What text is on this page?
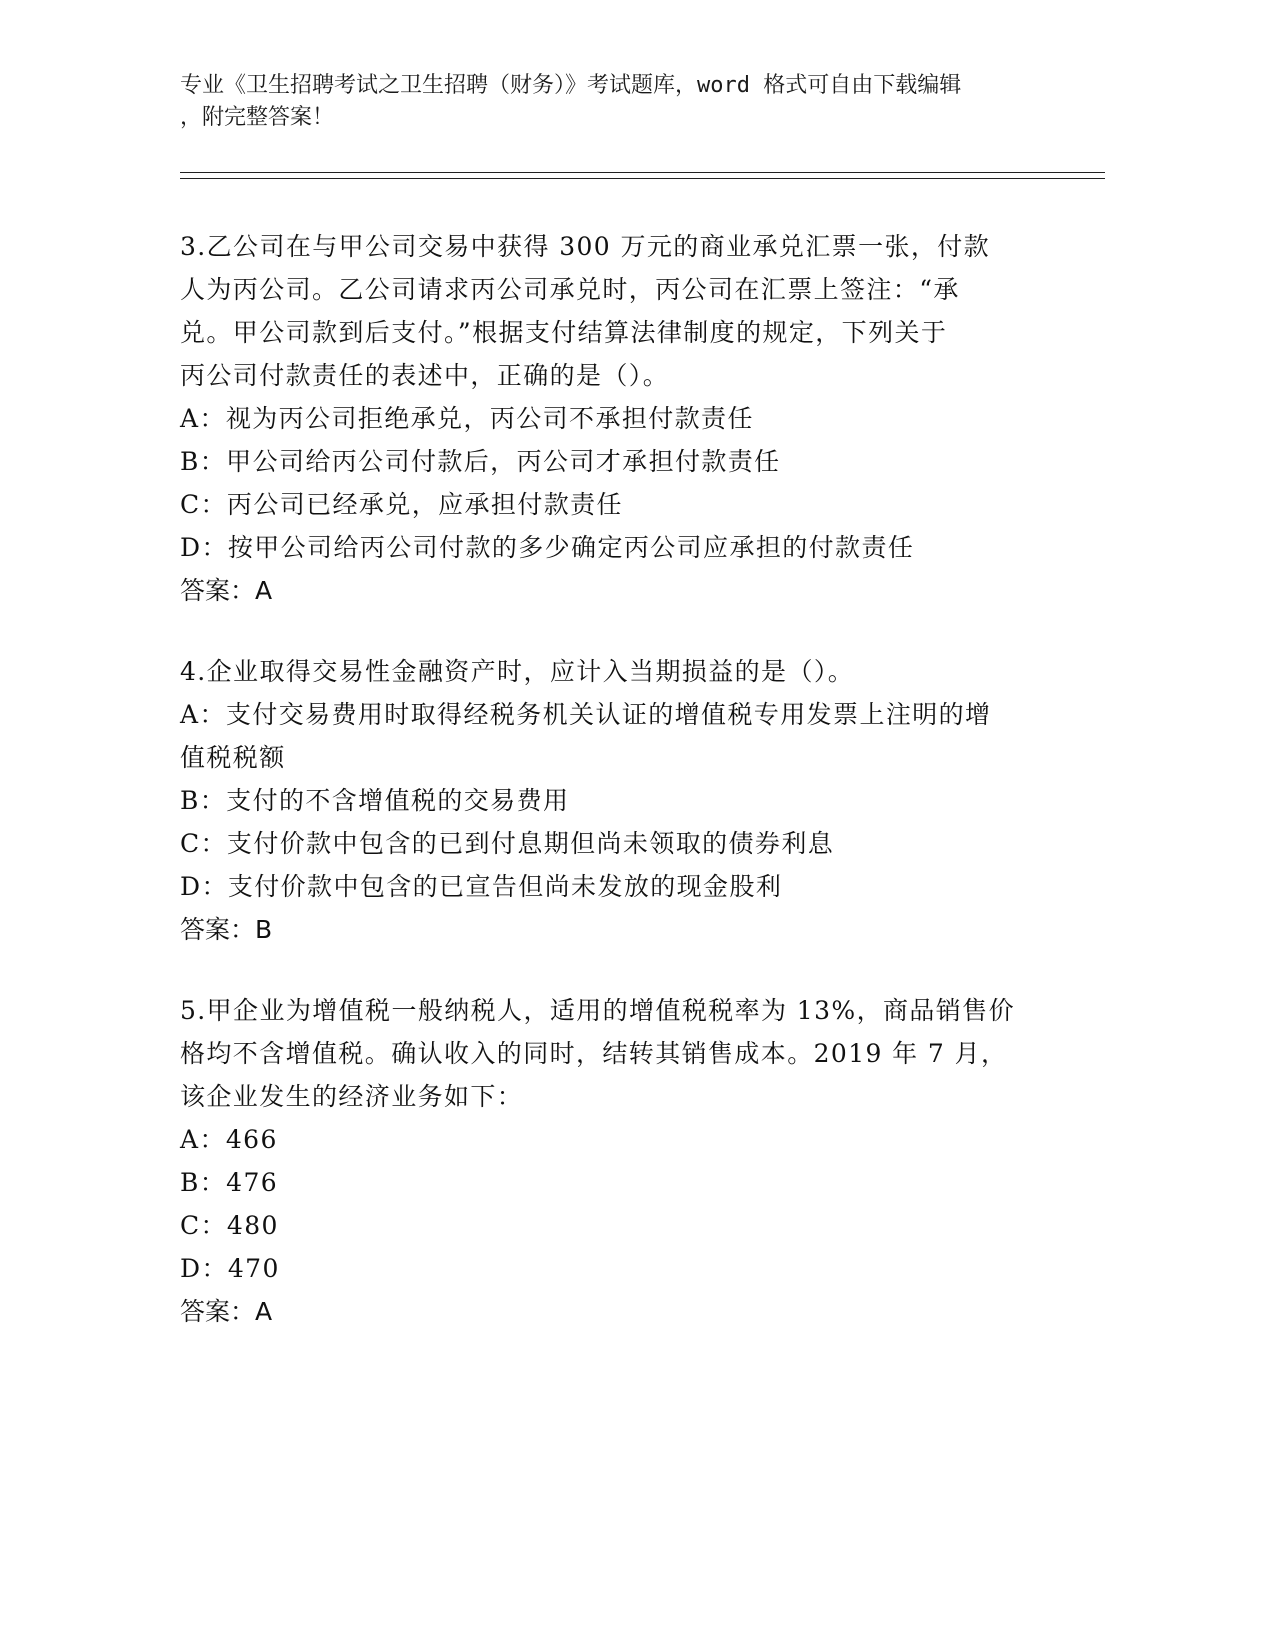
专业《卫生招聘考试之卫生招聘（财务）》考试题库，word 格式可自由下载编辑
，附完整答案！
3.乙公司在与甲公司交易中获得 300 万元的商业承兑汇票一张，付款
人为丙公司。乙公司请求丙公司承兑时，丙公司在汇票上签注：“承
兑。甲公司款到后支付。”根据支付结算法律制度的规定，下列关于
丙公司付款责任的表述中，正确的是（）。
A：视为丙公司拒绝承兑，丙公司不承担付款责任
B：甲公司给丙公司付款后，丙公司才承担付款责任
C：丙公司已经承兑，应承担付款责任
D：按甲公司给丙公司付款的多少确定丙公司应承担的付款责任
答案：A
4.企业取得交易性金融资产时，应计入当期损益的是（）。
A：支付交易费用时取得经税务机关认证的增值税专用发票上注明的增
值税税额
B：支付的不含增值税的交易费用
C：支付价款中包含的已到付息期但尚未领取的债券利息
D：支付价款中包含的已宣告但尚未发放的现金股利
答案：B
5.甲企业为增值税一般纳税人，适用的增值税税率为 13%，商品销售价
格均不含增值税。确认收入的同时，结转其销售成本。2019 年 7 月，
该企业发生的经济业务如下：
A：466
B：476
C：480
D：470
答案：A
